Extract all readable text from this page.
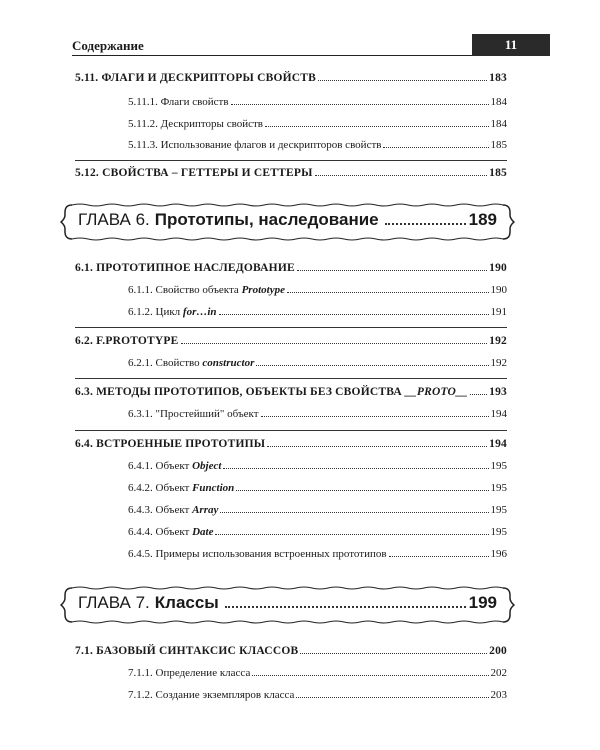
Содержание	11
5.11. ФЛАГИ И ДЕСКРИПТОРЫ СВОЙСТВ	183
5.11.1. Флаги свойств	184
5.11.2. Дескрипторы свойств	184
5.11.3. Использование флагов и дескрипторов свойств	185
5.12. СВОЙСТВА – ГЕТТЕРЫ И СЕТТЕРЫ	185
ГЛАВА 6. Прототипы, наследование	189
6.1. ПРОТОТИПНОЕ НАСЛЕДОВАНИЕ	190
6.1.1. Свойство объекта Prototype	190
6.1.2. Цикл for…in	191
6.2. F.PROTOTYPE	192
6.2.1. Свойство constructor	192
6.3. МЕТОДЫ ПРОТОТИПОВ, ОБЪЕКТЫ БЕЗ СВОЙСТВА __PROTO__ 193
6.3.1. "Простейший" объект	194
6.4. ВСТРОЕННЫЕ ПРОТОТИПЫ	194
6.4.1. Объект Object	195
6.4.2. Объект Function	195
6.4.3. Объект Array	195
6.4.4. Объект Date	195
6.4.5. Примеры использования встроенных прототипов	196
ГЛАВА 7. Классы	199
7.1. БАЗОВЫЙ СИНТАКСИС КЛАССОВ	200
7.1.1. Определение класса	202
7.1.2. Создание экземпляров класса	203
